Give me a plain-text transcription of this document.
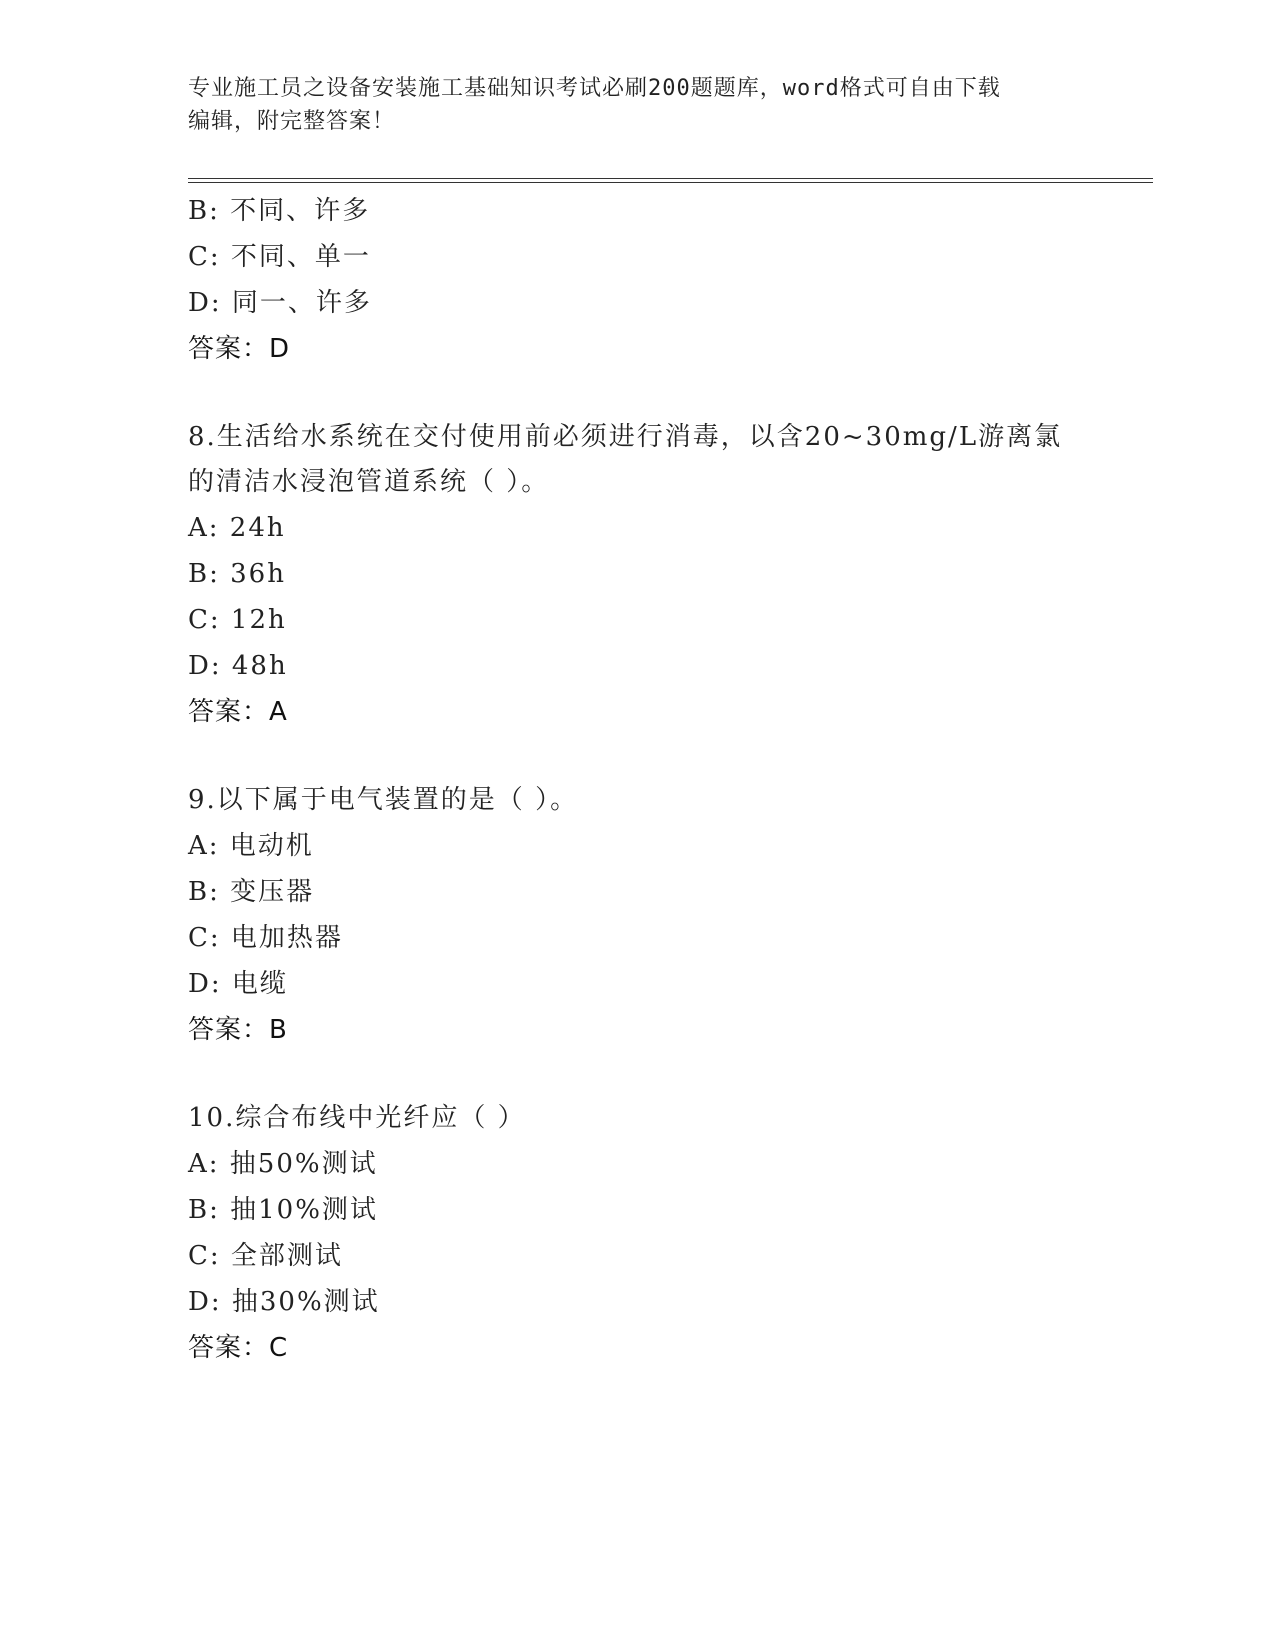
专业施工员之设备安装施工基础知识考试必刷200题题库，word格式可自由下载
编辑，附完整答案！
B: 不同、许多
C: 不同、单一
D: 同一、许多
答案：D
8.生活给水系统在交付使用前必须进行消毒，以含20~30mg/L游离氯
的清洁水浸泡管道系统（ ）。
A: 24h
B: 36h
C: 12h
D: 48h
答案：A
9.以下属于电气装置的是（ ）。
A: 电动机
B: 变压器
C: 电加热器
D: 电缆
答案：B
10.综合布线中光纤应（ ）
A: 抽50%测试
B: 抽10%测试
C: 全部测试
D: 抽30%测试
答案：C
